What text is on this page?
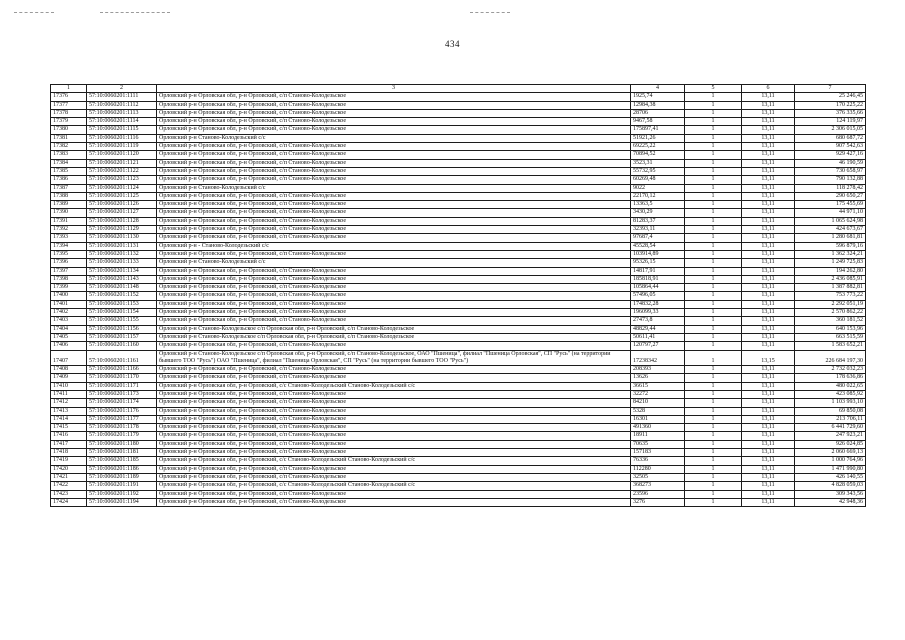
434
1	2	3	4	5	6	7
17376	57:10:0060201:1111	Орловский р-н Орловская обл, р-н Орловский, с/п Станово-Колодезьское	1925,74	1	13,11	25 246,45
17377	57:10:0060201:1112	Орловский р-н Орловская обл, р-н Орловский, с/п Станово-Колодезьское	12984,38	1	13,11	170 225,22
17378	57:10:0060201:1113	Орловский р-н Орловская обл, р-н Орловский, с/п Станово-Колодезьское	28706	1	13,11	376 335,66
17379	57:10:0060201:1114	Орловский р-н Орловская обл, р-н Орловский, с/п Станово-Колодезьское	9467,58	1	13,11	124 119,97
17380	57:10:0060201:1115	Орловский р-н Орловская обл, р-н Орловский, с/п Станово-Колодезьское	175897,41	1	13,11	2 306 015,05
17381	57:10:0060201:1116	Орловский р-н Станово-Колодезьский с/с	51921,26	1	13,11	680 687,72
17382	57:10:0060201:1119	Орловский р-н Орловская обл, р-н Орловский, с/п Станово-Колодезьское	69225,22	1	13,11	907 542,63
17383	57:10:0060201:1120	Орловский р-н Орловская обл, р-н Орловский, с/п Станово-Колодезьское	70894,52	1	13,11	929 427,16
17384	57:10:0060201:1121	Орловский р-н Орловская обл, р-н Орловский, с/п Станово-Колодезьское	3523,31	1	13,11	46 190,59
17385	57:10:0060201:1122	Орловский р-н Орловская обл, р-н Орловский, с/п Станово-Колодезьское	55732,95	1	13,11	730 658,97
17386	57:10:0060201:1123	Орловский р-н Орловская обл, р-н Орловский, с/п Станово-Колодезьское	60269,48	1	13,11	790 132,88
17387	57:10:0060201:1124	Орловский р-н Станово-Колодезьский с/с	9022	1	13,11	118 278,42
17388	57:10:0060201:1125	Орловский р-н Орловская обл, р-н Орловский, с/п Станово-Колодезьское	22170,12	1	13,11	290 650,27
17389	57:10:0060201:1126	Орловский р-н Орловская обл, р-н Орловский, с/п Станово-Колодезьское	13363,5	1	13,11	175 455,69
17390	57:10:0060201:1127	Орловский р-н Орловская обл, р-н Орловский, с/п Станово-Колодезьское	3430,29	1	13,11	44 971,10
17391	57:10:0060201:1128	Орловский р-н Орловская обл, р-н Орловский, с/п Станово-Колодезьское	81283,37	1	13,11	1 065 624,98
17392	57:10:0060201:1129	Орловский р-н Орловская обл, р-н Орловский, с/п Станово-Колодезьское	32393,11	1	13,11	424 673,67
17393	57:10:0060201:1130	Орловский р-н Орловская обл, р-н Орловский, с/п Станово-Колодезьское	97687,4	1	13,11	1 280 681,81
17394	57:10:0060201:1131	Орловский р-н - Станово-Колодезьский с/с	45528,54	1	13,11	596 879,16
17395	57:10:0060201:1132	Орловский р-н Орловская обл, р-н Орловский, с/п Станово-Колодезьское	103914,89	1	13,11	1 362 324,21
17396	57:10:0060201:1133	Орловский р-н Станово-Колодезьский с/с	95326,15	1	13,11	1 249 725,83
17397	57:10:0060201:1134	Орловский р-н Орловская обл, р-н Орловский, с/п Станово-Колодезьское	14817,91	1	13,11	194 262,80
17398	57:10:0060201:1143	Орловский р-н Орловская обл, р-н Орловский, с/п Станово-Колодезьское	185818,91	1	13,11	2 436 085,91
17399	57:10:0060201:1148	Орловский р-н Орловская обл, р-н Орловский, с/п Станово-Колодезьское	105864,44	1	13,11	1 387 882,81
17400	57:10:0060201:1152	Орловский р-н Орловская обл, р-н Орловский, с/п Станово-Колодезьское	57496,05	1	13,11	753 773,22
17401	57:10:0060201:1153	Орловский р-н Орловская обл, р-н Орловский, с/п Станово-Колодезьское	174832,28	1	13,11	2 292 051,19
17402	57:10:0060201:1154	Орловский р-н Орловская обл, р-н Орловский, с/п Станово-Колодезьское	196099,33	1	13,11	2 570 862,22
17403	57:10:0060201:1155	Орловский р-н Орловская обл, р-н Орловский, с/п Станово-Колодезьское	27473,8	1	13,11	360 181,52
17404	57:10:0060201:1156	Орловский р-н Станово-Колодезьское с/п Орловская обл, р-н Орловский, с/п Станово-Колодезьское	48829,44	1	13,11	640 153,96
17405	57:10:0060201:1157	Орловский р-н Станово-Колодезьское с/п Орловская обл, р-н Орловский, с/п Станово-Колодезьское	50611,41	1	13,11	663 515,59
17406	57:10:0060201:1160	Орловский р-н Орловская обл, р-н Орловский, с/п Станово-Колодезьское	120797,27	1	13,11	1 583 652,21
17407	57:10:0060201:1161	Орловский р-н Станово-Колодезьское с/п Орловская обл, р-н Орловский, с/п Станово-Колодезьское, ОАО "Пшеница", филиал "Пшеница Орловская", СП "Русь" (на территории бывшего ТОО "Русь") ОАО "Пшеница", филиал "Пшеница Орловская", СП "Русь" (на территории бывшего ТОО "Русь")	17238342	1	13,15	226 684 197,30
17408	57:10:0060201:1166	Орловский р-н Орловская обл, р-н Орловский, с/п Станово-Колодезьское	208393	1	13,11	2 732 032,23
17409	57:10:0060201:1170	Орловский р-н Орловская обл, р-н Орловский, с/п Станово-Колодезьское	13626	1	13,11	178 636,86
17410	57:10:0060201:1171	Орловский р-н Орловская обл, р-н Орловский, с/с Станово-Колодезьский Станово-Колодезьский с/с	36615	1	13,11	480 022,65
17411	57:10:0060201:1173	Орловский р-н Орловская обл, р-н Орловский, с/п Станово-Колодезьское	32272	1	13,11	423 085,92
17412	57:10:0060201:1174	Орловский р-н Орловская обл, р-н Орловский, с/п Станово-Колодезьское	84210	1	13,11	1 103 993,10
17413	57:10:0060201:1176	Орловский р-н Орловская обл, р-н Орловский, с/п Станово-Колодезьское	5328	1	13,11	69 850,08
17414	57:10:0060201:1177	Орловский р-н Орловская обл, р-н Орловский, с/п Станово-Колодезьское	16301	1	13,11	213 706,11
17415	57:10:0060201:1178	Орловский р-н Орловская обл, р-н Орловский, с/п Станово-Колодезьское	491360	1	13,11	6 441 729,60
17416	57:10:0060201:1179	Орловский р-н Орловская обл, р-н Орловский, с/п Станово-Колодезьское	18911	1	13,11	247 923,21
17417	57:10:0060201:1180	Орловский р-н Орловская обл, р-н Орловский, с/п Станово-Колодезьское	70635	1	13,11	926 024,85
17418	57:10:0060201:1181	Орловский р-н Орловская обл, р-н Орловский, с/п Станово-Колодезьское	157183	1	13,11	2 060 669,13
17419	57:10:0060201:1185	Орловский р-н Орловская обл, р-н Орловский, с/с Станово-Колодезьский Станово-Колодезьский с/с	76336	1	13,11	1 000 764,96
17420	57:10:0060201:1186	Орловский р-н Орловская обл, р-н Орловский, с/п Станово-Колодезьское	112280	1	13,11	1 471 990,80
17421	57:10:0060201:1189	Орловский р-н Орловская обл, р-н Орловский, с/п Станово-Колодезьское	32505	1	13,11	426 140,55
17422	57:10:0060201:1191	Орловский р-н Орловская обл, р-н Орловский, с/с Станово-Колодезьский Станово-Колодезьский с/с	368273	1	13,11	4 828 059,03
17423	57:10:0060201:1192	Орловский р-н Орловская обл, р-н Орловский, с/п Станово-Колодезьское	23596	1	13,11	309 343,56
17424	57:10:0060201:1194	Орловский р-н Орловская обл, р-н Орловский, с/п Станово-Колодезьское	3276	1	13,11	42 948,36
